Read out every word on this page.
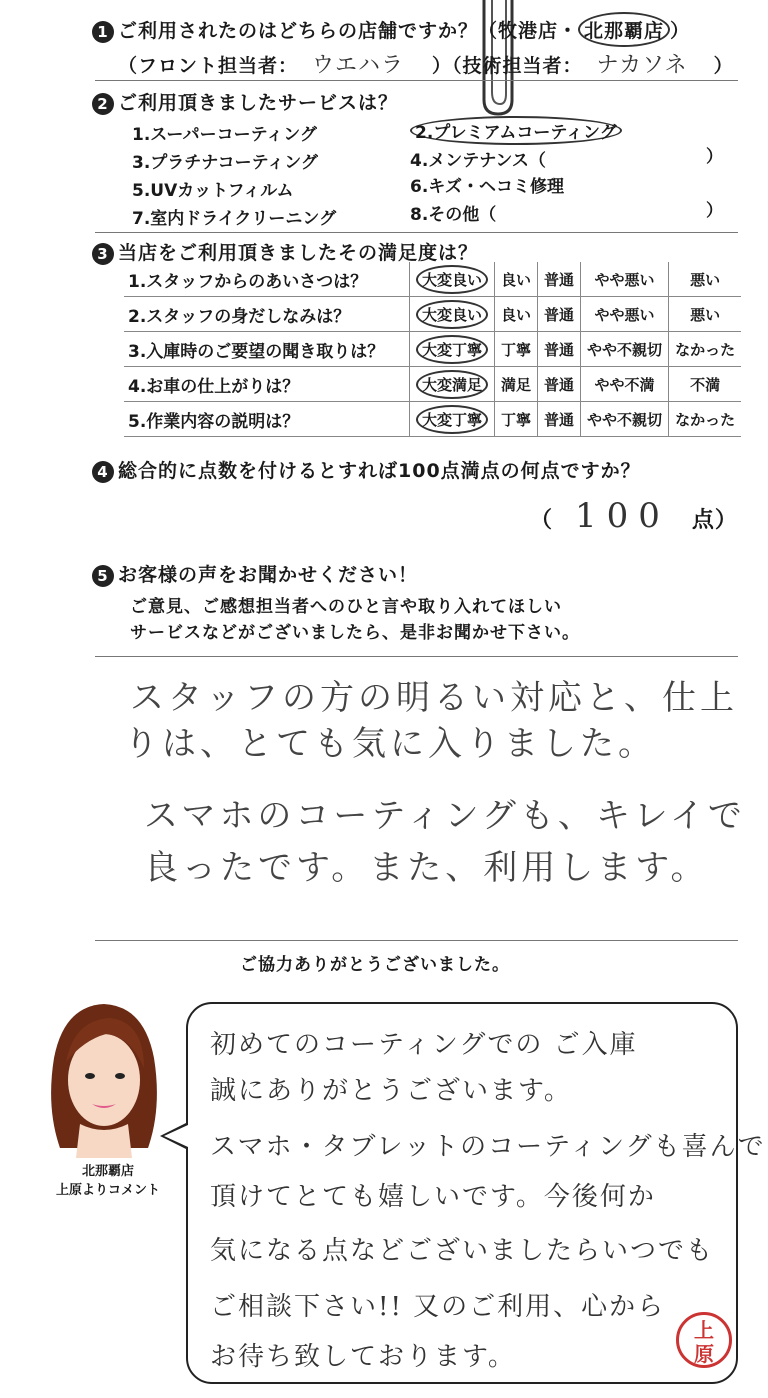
1 ご利用されたのはどちらの店舗ですか？（牧港店・ 北那覇店 ）
（フロント担当者： ウエハラ ）（技術担当者： ナカソネ ）
2 ご利用頂きましたサービスは？
1.スーパーコーティング	2.プレミアムコーティング
3.プラチナコーティング	4.メンテナンス（	）
5.UVカットフィルム	6.キズ・ヘコミ修理
7.室内ドライクリーニング	8.その他（	）
3 当店をご利用頂きましたその満足度は？
1.スタッフからのあいさつは？	大変良い	良い	普通	やや悪い	悪い
2.スタッフの身だしなみは？	大変良い	良い	普通	やや悪い	悪い
3.入庫時のご要望の聞き取りは？	大変丁寧	丁寧	普通	やや不親切	なかった
4.お車の仕上がりは？	大変満足	満足	普通	やや不満	不満
5.作業内容の説明は？	大変丁寧	丁寧	普通	やや不親切	なかった
4 総合的に点数を付けるとすれば100点満点の何点ですか？
（ 100 点）
5 お客様の声をお聞かせください！
ご意見、ご感想担当者へのひと言や取り入れてほしい
サービスなどがございましたら、是非お聞かせ下さい。
スタッフの方の明るい対応と、仕上
りは、とても気に入りました。
スマホのコーティングも、キレイで
良ったです。また、利用します。
ご協力ありがとうございました。
北那覇店
上原よりコメント
初めてのコーティングでの ご入庫
誠にありがとうございます。
スマホ・タブレットのコーティングも喜んで
頂けてとても嬉しいです。今後何か
気になる点などございましたらいつでも
ご相談下さい!! 又のご利用、心から
お待ち致しております。
上
原
